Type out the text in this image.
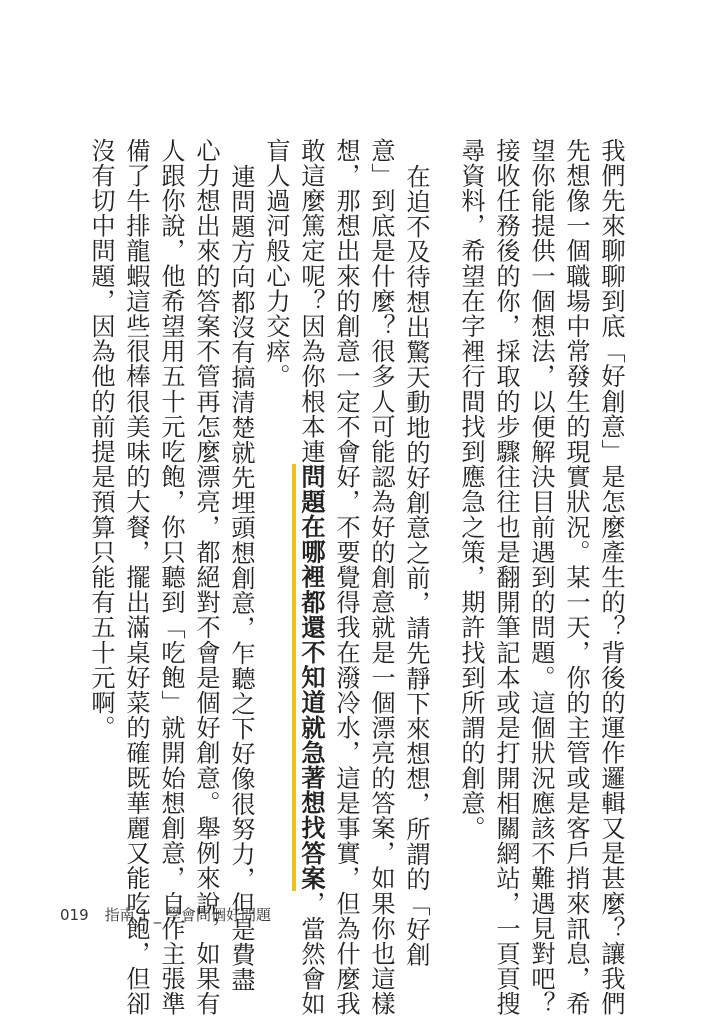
我們先來聊聊到底「好創意」是怎麼產生的？背後的運作邏輯又是甚麼？讓我們
先想像一個職場中常發生的現實狀況。某一天，你的主管或是客戶捎來訊息，希
望你能提供一個想法，以便解決目前遇到的問題。這個狀況應該不難遇見對吧？
接收任務後的你，採取的步驟往往也是翻開筆記本或是打開相關網站，一頁頁搜
尋資料，希望在字裡行間找到應急之策，期許找到所謂的創意。
在迫不及待想出驚天動地的好創意之前，請先靜下來想想，所謂的「好創
意」到底是什麼？很多人可能認為好的創意就是一個漂亮的答案，如果你也這樣
想，那想出來的創意一定不會好，不要覺得我在潑冷水，這是事實，但為什麼我
敢這麼篤定呢？因為你根本連問題在哪裡都還不知道就急著想找答案，當然會如
盲人過河般心力交瘁。
連問題方向都沒有搞清楚就先埋頭想創意，乍聽之下好像很努力，但是費盡
心力想出來的答案不管再怎麼漂亮，都絕對不會是個好創意。舉例來說，如果有
人跟你說，他希望用五十元吃飽，你只聽到「吃飽」就開始想創意，自作主張準
備了牛排龍蝦這些很棒很美味的大餐，擺出滿桌好菜的確既華麗又能吃飽，但卻
沒有切中問題，因為他的前提是預算只能有五十元啊。
019 指南 1 _ 學會問個好問題
